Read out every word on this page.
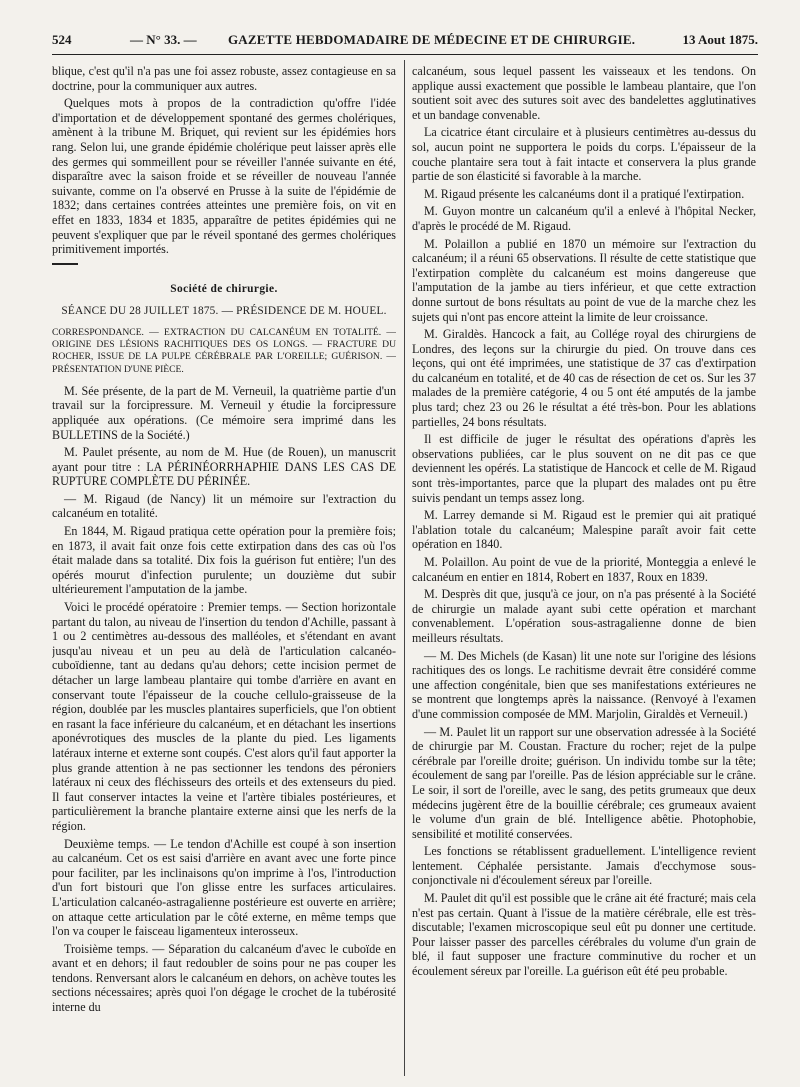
524	— N° 33. — GAZETTE HEBDOMADAIRE DE MÉDECINE ET DE CHIRURGIE.	13 Aout 1875.

blique, c'est qu'il n'a pas une foi assez robuste, assez contagieuse en sa doctrine, pour la communiquer aux autres.

Quelques mots à propos de la contradiction qu'offre l'idée d'importation et de développement spontané des germes cholériques, amènent à la tribune M. Briquet, qui revient sur les épidémies hors rang. Selon lui, une grande épidémie cholérique peut laisser après elle des germes qui sommeillent pour se réveiller l'année suivante en été, disparaître avec la saison froide et se réveiller de nouveau l'année suivante, comme on l'a observé en Prusse à la suite de l'épidémie de 1832; dans certaines contrées atteintes une première fois, on vit en effet en 1833, 1834 et 1835, apparaître de petites épidémies qui ne peuvent s'expliquer que par le réveil spontané des germes cholériques primitivement importés.

Société de chirurgie.
SÉANCE DU 28 JUILLET 1875. — PRÉSIDENCE DE M. HOUEL.
CORRESPONDANCE. — EXTRACTION DU CALCANÉUM EN TOTALITÉ. — ORIGINE DES LÉSIONS RACHITIQUES DES OS LONGS. — FRACTURE DU ROCHER, ISSUE DE LA PULPE CÉRÉBRALE PAR L'OREILLE; GUÉRISON. — PRÉSENTATION D'UNE PIÈCE.

M. Sée présente, de la part de M. Verneuil, la quatrième partie d'un travail sur la forcipressure. M. Verneuil y étudie la forcipressure appliquée aux opérations. (Ce mémoire sera imprimé dans les BULLETINS de la Société.)

M. Paulet présente, au nom de M. Hue (de Rouen), un manuscrit ayant pour titre : LA PÉRINÉORRHAPHIE DANS LES CAS DE RUPTURE COMPLÈTE DU PÉRINÉE.

— M. Rigaud (de Nancy) lit un mémoire sur l'extraction du calcanéum en totalité.

En 1844, M. Rigaud pratiqua cette opération pour la première fois; en 1873, il avait fait onze fois cette extirpation dans des cas où l'os était malade dans sa totalité. Dix fois la guérison fut entière; l'un des opérés mourut d'infection purulente; un douzième dut subir ultérieurement l'amputation de la jambe.

Voici le procédé opératoire : Premier temps. — Section horizontale partant du talon, au niveau de l'insertion du tendon d'Achille, passant à 1 ou 2 centimètres au-dessous des malléoles, et s'étendant en avant jusqu'au niveau et un peu au delà de l'articulation calcanéo-cuboïdienne, tant au dedans qu'au dehors; cette incision permet de détacher un large lambeau plantaire qui tombe d'arrière en avant en conservant toute l'épaisseur de la couche cellulo-graisseuse de la région, doublée par les muscles plantaires superficiels, que l'on obtient en rasant la face inférieure du calcanéum, et en détachant les insertions aponévrotiques des muscles de la plante du pied. Les ligaments latéraux interne et externe sont coupés. C'est alors qu'il faut apporter la plus grande attention à ne pas sectionner les tendons des péroniers latéraux ni ceux des fléchisseurs des orteils et des extenseurs du pied. Il faut conserver intactes la veine et l'artère tibiales postérieures, et particulièrement la branche plantaire externe ainsi que les nerfs de la région.

Deuxième temps. — Le tendon d'Achille est coupé à son insertion au calcanéum. Cet os est saisi d'arrière en avant avec une forte pince pour faciliter, par les inclinaisons qu'on imprime à l'os, l'introduction d'un fort bistouri que l'on glisse entre les surfaces articulaires. L'articulation calcanéo-astragalienne postérieure est ouverte en arrière; on attaque cette articulation par le côté externe, en même temps que l'on va couper le faisceau ligamenteux interosseux.

Troisième temps. — Séparation du calcanéum d'avec le cuboïde en avant et en dehors; il faut redoubler de soins pour ne pas couper les tendons. Renversant alors le calcanéum en dehors, on achève toutes les sections nécessaires; après quoi l'on dégage le crochet de la tubérosité interne du

calcanéum, sous lequel passent les vaisseaux et les tendons. On applique aussi exactement que possible le lambeau plantaire, que l'on soutient soit avec des sutures soit avec des bandelettes agglutinatives et un bandage convenable.

La cicatrice étant circulaire et à plusieurs centimètres au-dessus du sol, aucun point ne supportera le poids du corps. L'épaisseur de la couche plantaire sera tout à fait intacte et conservera la plus grande partie de son élasticité si favorable à la marche.

M. Rigaud présente les calcanéums dont il a pratiqué l'extirpation.

M. Guyon montre un calcanéum qu'il a enlevé à l'hôpital Necker, d'après le procédé de M. Rigaud.

M. Polaillon a publié en 1870 un mémoire sur l'extraction du calcanéum; il a réuni 65 observations. Il résulte de cette statistique que l'extirpation complète du calcanéum est moins dangereuse que l'amputation de la jambe au tiers inférieur, et que cette extraction donne surtout de bons résultats au point de vue de la marche chez les sujets qui n'ont pas encore atteint la limite de leur croissance.

M. Giraldès. Hancock a fait, au Collége royal des chirurgiens de Londres, des leçons sur la chirurgie du pied. On trouve dans ces leçons, qui ont été imprimées, une statistique de 37 cas d'extirpation du calcanéum en totalité, et de 40 cas de résection de cet os. Sur les 37 malades de la première catégorie, 4 ou 5 ont été amputés de la jambe plus tard; chez 23 ou 26 le résultat a été très-bon. Pour les ablations partielles, 24 bons résultats.

Il est difficile de juger le résultat des opérations d'après les observations publiées, car le plus souvent on ne dit pas ce que deviennent les opérés. La statistique de Hancock et celle de M. Rigaud sont très-importantes, parce que la plupart des malades ont pu être suivis pendant un temps assez long.

M. Larrey demande si M. Rigaud est le premier qui ait pratiqué l'ablation totale du calcanéum; Malespine paraît avoir fait cette opération en 1840.

M. Polaillon. Au point de vue de la priorité, Monteggia a enlevé le calcanéum en entier en 1814, Robert en 1837, Roux en 1839.

M. Desprès dit que, jusqu'à ce jour, on n'a pas présenté à la Société de chirurgie un malade ayant subi cette opération et marchant convenablement. L'opération sous-astragalienne donne de bien meilleurs résultats.

— M. Des Michels (de Kasan) lit une note sur l'origine des lésions rachitiques des os longs. Le rachitisme devrait être considéré comme une affection congénitale, bien que ses manifestations extérieures ne se montrent que longtemps après la naissance. (Renvoyé à l'examen d'une commission composée de MM. Marjolin, Giraldès et Verneuil.)

— M. Paulet lit un rapport sur une observation adressée à la Société de chirurgie par M. Coustan. Fracture du rocher; rejet de la pulpe cérébrale par l'oreille droite; guérison. Un individu tombe sur la tête; écoulement de sang par l'oreille. Pas de lésion appréciable sur le crâne. Le soir, il sort de l'oreille, avec le sang, des petits grumeaux que deux médecins jugèrent être de la bouillie cérébrale; ces grumeaux avaient le volume d'un grain de blé. Intelligence abêtie. Photophobie, sensibilité et motilité conservées.

Les fonctions se rétablissent graduellement. L'intelligence revient lentement. Céphalée persistante. Jamais d'ecchymose sous-conjonctivale ni d'écoulement séreux par l'oreille.

M. Paulet dit qu'il est possible que le crâne ait été fracturé; mais cela n'est pas certain. Quant à l'issue de la matière cérébrale, elle est très-discutable; l'examen microscopique seul eût pu donner une certitude. Pour laisser passer des parcelles cérébrales du volume d'un grain de blé, il faut supposer une fracture comminutive du rocher et un écoulement séreux par l'oreille. La guérison eût été peu probable.
